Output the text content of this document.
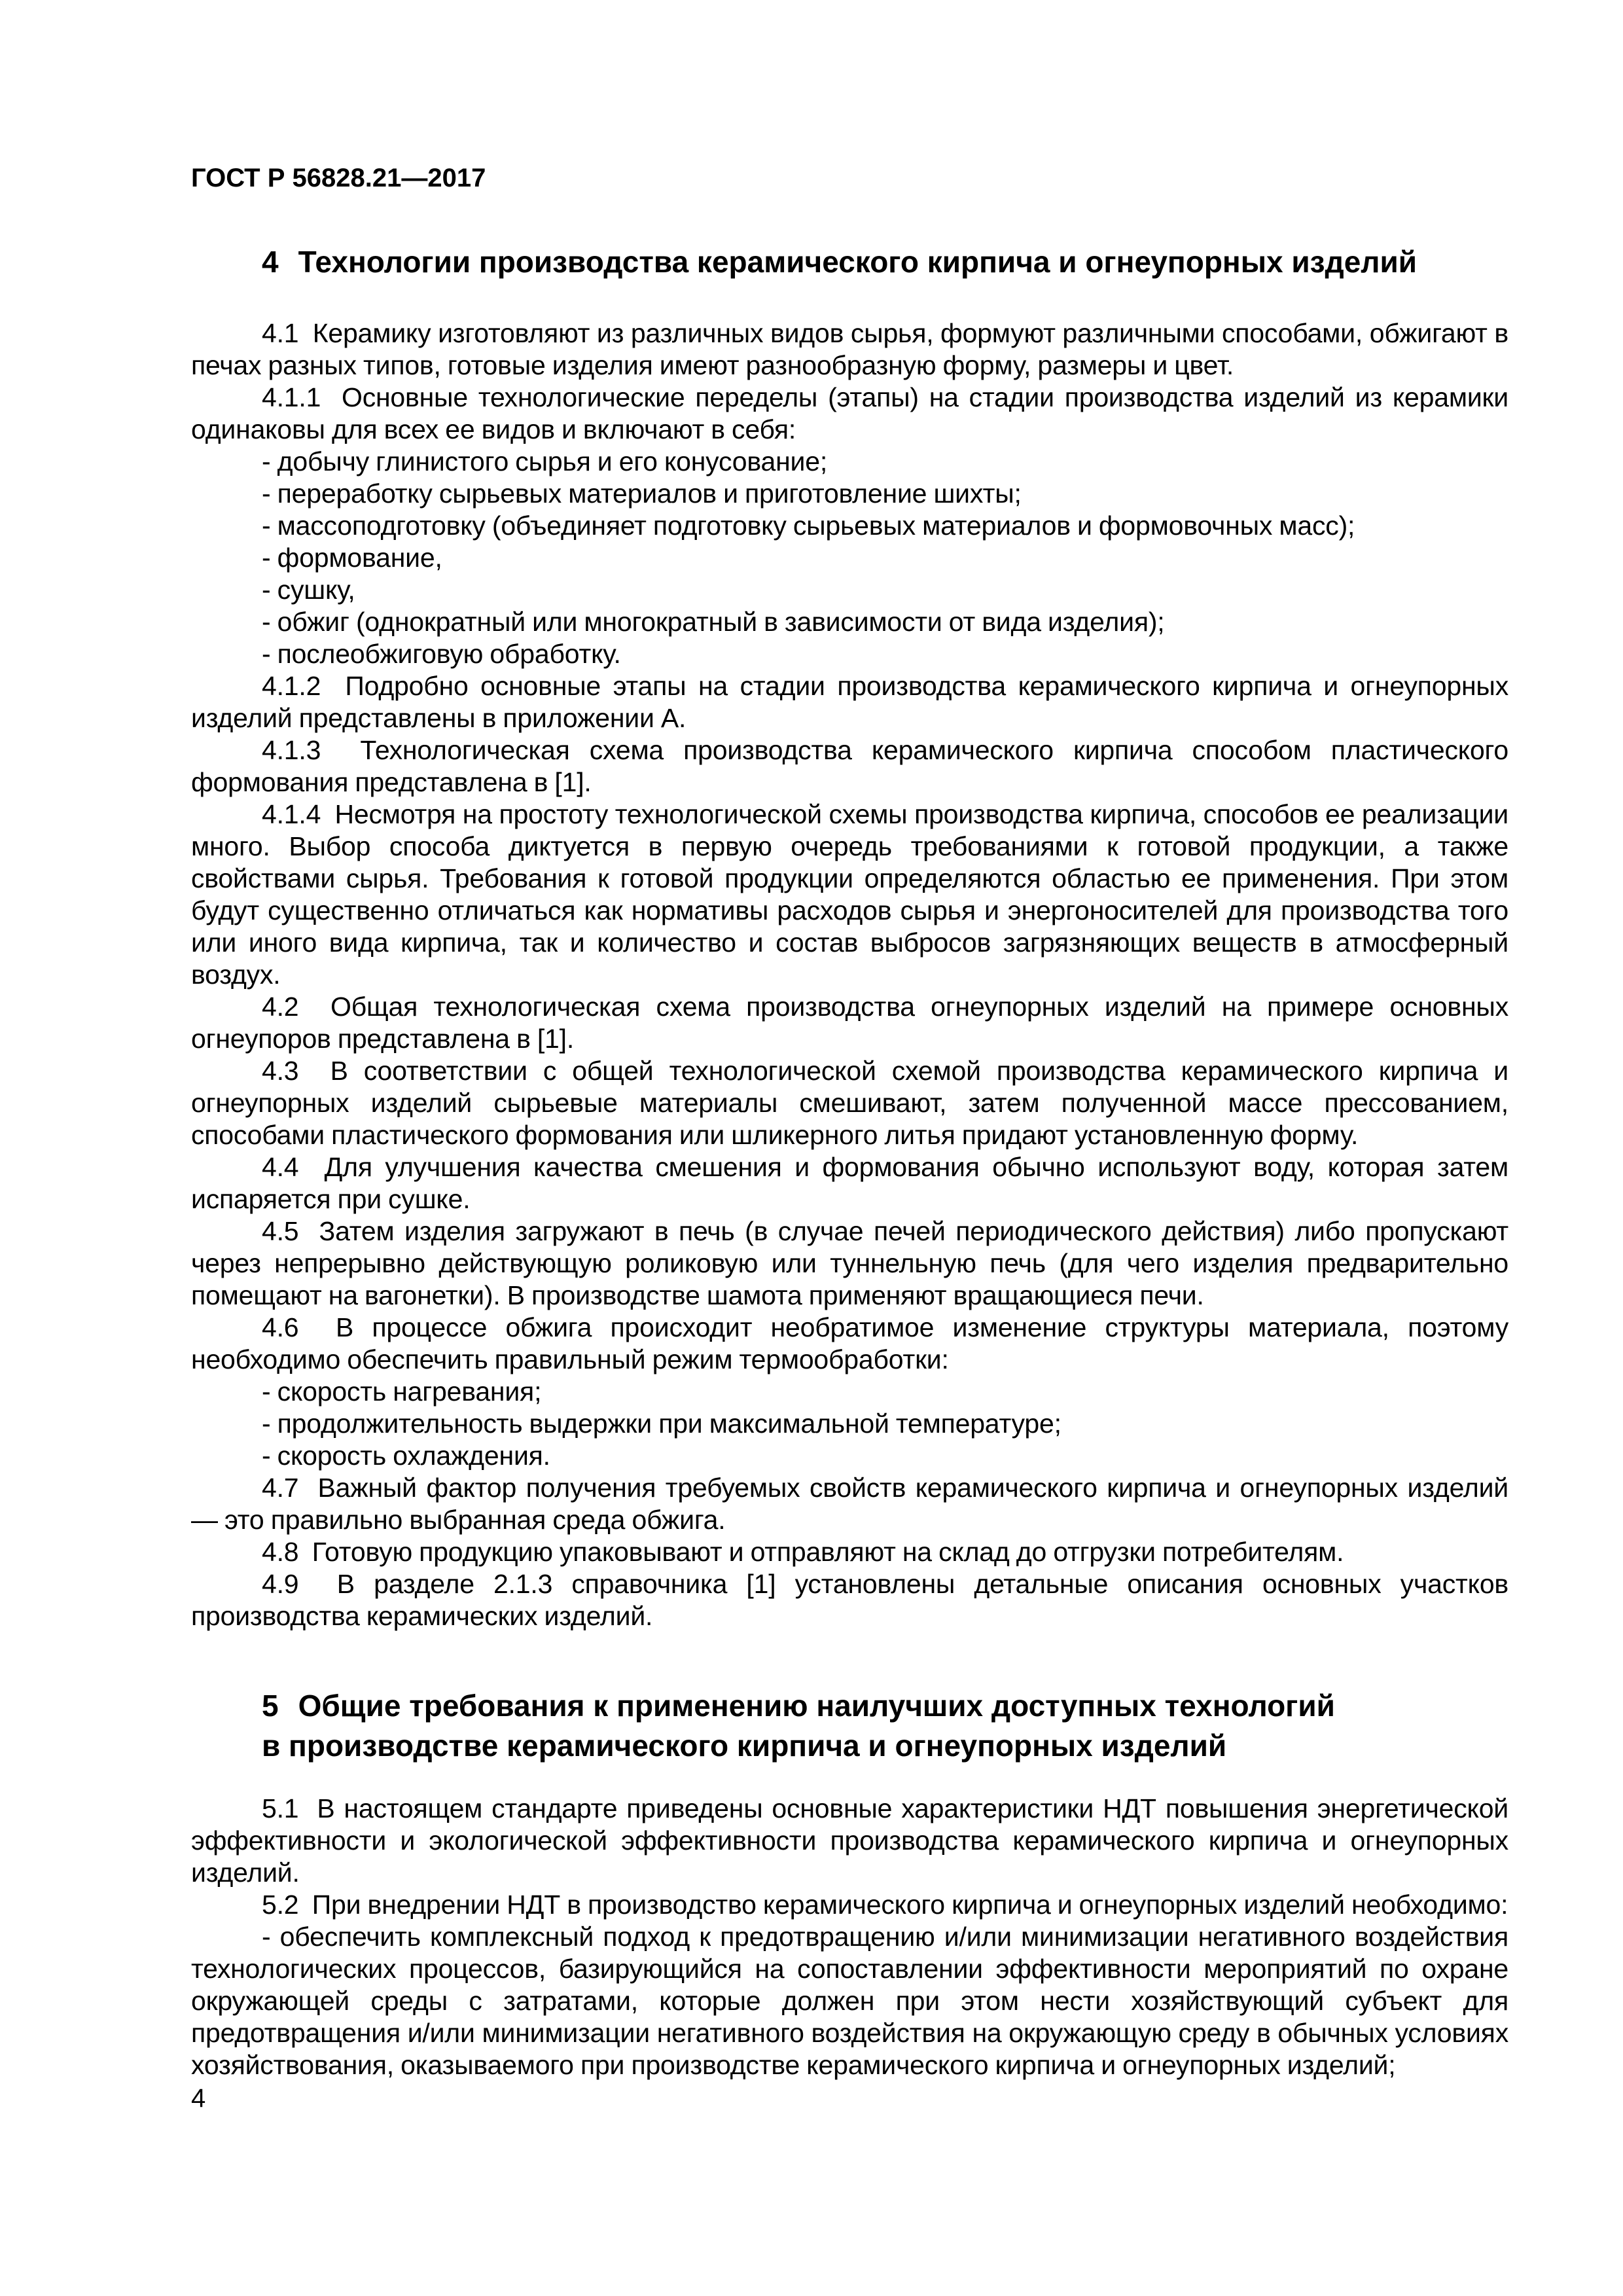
ГОСТ Р 56828.21—2017
4 Технологии производства керамического кирпича и огнеупорных изделий

4.1  Керамику изготовляют из различных видов сырья, формуют различными способами, обжигают в печах разных типов, готовые изделия имеют разнообразную форму, размеры и цвет.

4.1.1  Основные технологические переделы (этапы) на стадии производства изделий из керамики одинаковы для всех ее видов и включают в себя:

- добычу глинистого сырья и его конусование;

- переработку сырьевых материалов и приготовление шихты;

- массоподготовку (объединяет подготовку сырьевых материалов и формовочных масс);

- формование,

- сушку,

- обжиг (однократный или многократный в зависимости от вида изделия);

- послеобжиговую обработку.

4.1.2  Подробно основные этапы на стадии производства керамического кирпича и огнеупорных изделий представлены в приложении А.

4.1.3  Технологическая схема производства керамического кирпича способом пластического формования представлена в [1].

4.1.4  Несмотря на простоту технологической схемы производства кирпича, способов ее реализации много. Выбор способа диктуется в первую очередь требованиями к готовой продукции, а также свойствами сырья. Требования к готовой продукции определяются областью ее применения. При этом будут существенно отличаться как нормативы расходов сырья и энергоносителей для производства того или иного вида кирпича, так и количество и состав выбросов загрязняющих веществ в атмосферный воздух.

4.2  Общая технологическая схема производства огнеупорных изделий на примере основных огнеупоров представлена в [1].

4.3  В соответствии с общей технологической схемой производства керамического кирпича и огнеупорных изделий сырьевые материалы смешивают, затем полученной массе прессованием, способами пластического формования или шликерного литья придают установленную форму.

4.4  Для улучшения качества смешения и формования обычно используют воду, которая затем испаряется при сушке.

4.5  Затем изделия загружают в печь (в случае печей периодического действия) либо пропускают через непрерывно действующую роликовую или туннельную печь (для чего изделия предварительно помещают на вагонетки). В производстве шамота применяют вращающиеся печи.

4.6  В процессе обжига происходит необратимое изменение структуры материала, поэтому необходимо обеспечить правильный режим термообработки:

- скорость нагревания;

- продолжительность выдержки при максимальной температуре;

- скорость охлаждения.

4.7  Важный фактор получения требуемых свойств керамического кирпича и огнеупорных изделий — это правильно выбранная среда обжига.

4.8  Готовую продукцию упаковывают и отправляют на склад до отгрузки потребителям.

4.9  В разделе 2.1.3 справочника [1] установлены детальные описания основных участков производства керамических изделий.

5 Общие требования к применению наилучших доступных технологий
в производстве керамического кирпича и огнеупорных изделий

5.1  В настоящем стандарте приведены основные характеристики НДТ повышения энергетической эффективности и экологической эффективности производства керамического кирпича и огнеупорных изделий.

5.2  При внедрении НДТ в производство керамического кирпича и огнеупорных изделий необходимо:

- обеспечить комплексный подход к предотвращению и/или минимизации негативного воздействия технологических процессов, базирующийся на сопоставлении эффективности мероприятий по охране окружающей среды с затратами, которые должен при этом нести хозяйствующий субъект для предотвращения и/или минимизации негативного воздействия на окружающую среду в обычных условиях хозяйствования, оказываемого при производстве керамического кирпича и огнеупорных изделий;

4
